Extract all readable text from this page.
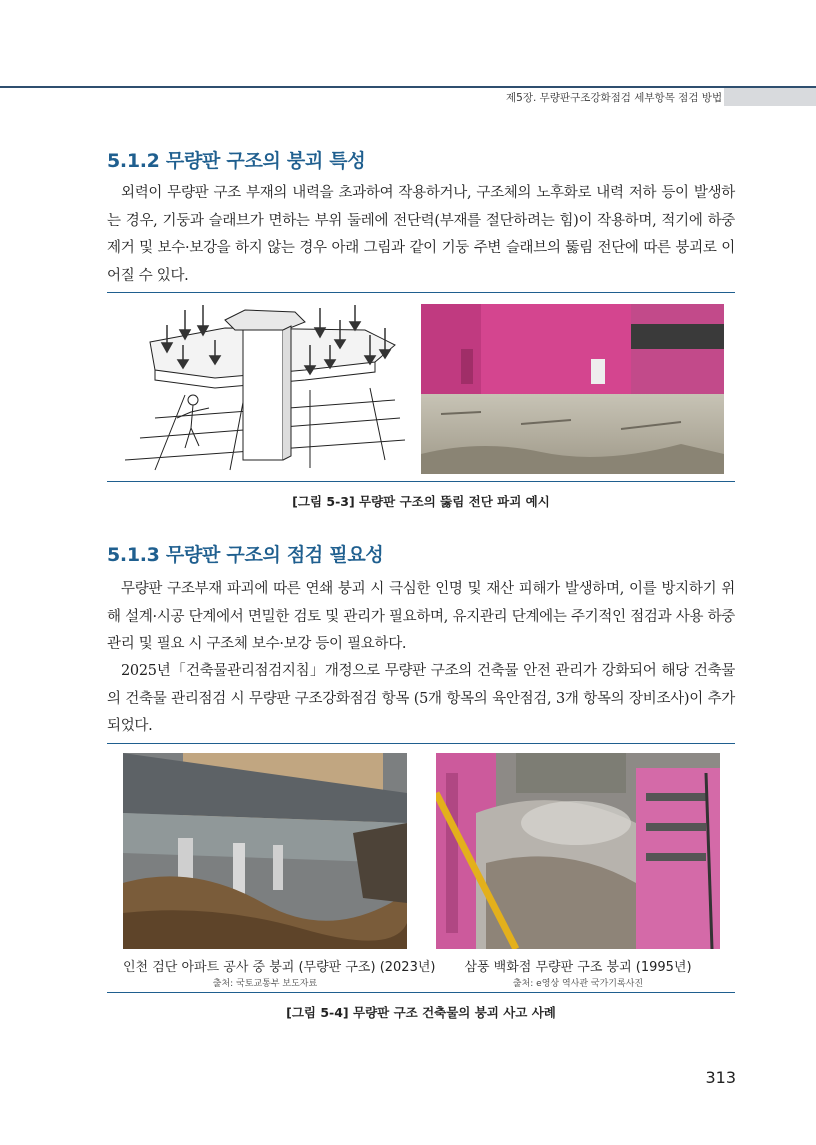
제5장. 무량판구조강화점검 세부항목 점검 방법
5.1.2 무량판 구조의 붕괴 특성

외력이 무량판 구조 부재의 내력을 초과하여 작용하거나, 구조체의 노후화로 내력 저하 등이 발생하는 경우, 기둥과 슬래브가 면하는 부위 둘레에 전단력(부재를 절단하려는 힘)이 작용하며, 적기에 하중 제거 및 보수·보강을 하지 않는 경우 아래 그림과 같이 기둥 주변 슬래브의 뚫림 전단에 따른 붕괴로 이어질 수 있다.

[그림 5-3] 무량판 구조의 뚫림 전단 파괴 예시
5.1.3 무량판 구조의 점검 필요성

무량판 구조부재 파괴에 따른 연쇄 붕괴 시 극심한 인명 및 재산 피해가 발생하며, 이를 방지하기 위해 설계·시공 단계에서 면밀한 검토 및 관리가 필요하며, 유지관리 단계에는 주기적인 점검과 사용 하중 관리 및 필요 시 구조체 보수·보강 등이 필요하다.

2025년「건축물관리점검지침」개정으로 무량판 구조의 건축물 안전 관리가 강화되어 해당 건축물의 건축물 관리점검 시 무량판 구조강화점검 항목 (5개 항목의 육안점검, 3개 항목의 장비조사)이 추가되었다.

인천 검단 아파트 공사 중 붕괴 (무량판 구조) (2023년)
출처: 국토교통부 보도자료
삼풍 백화점 무량판 구조 붕괴 (1995년)
출처: e영상 역사관 국가기록사진
[그림 5-4] 무량판 구조 건축물의 붕괴 사고 사례
313
